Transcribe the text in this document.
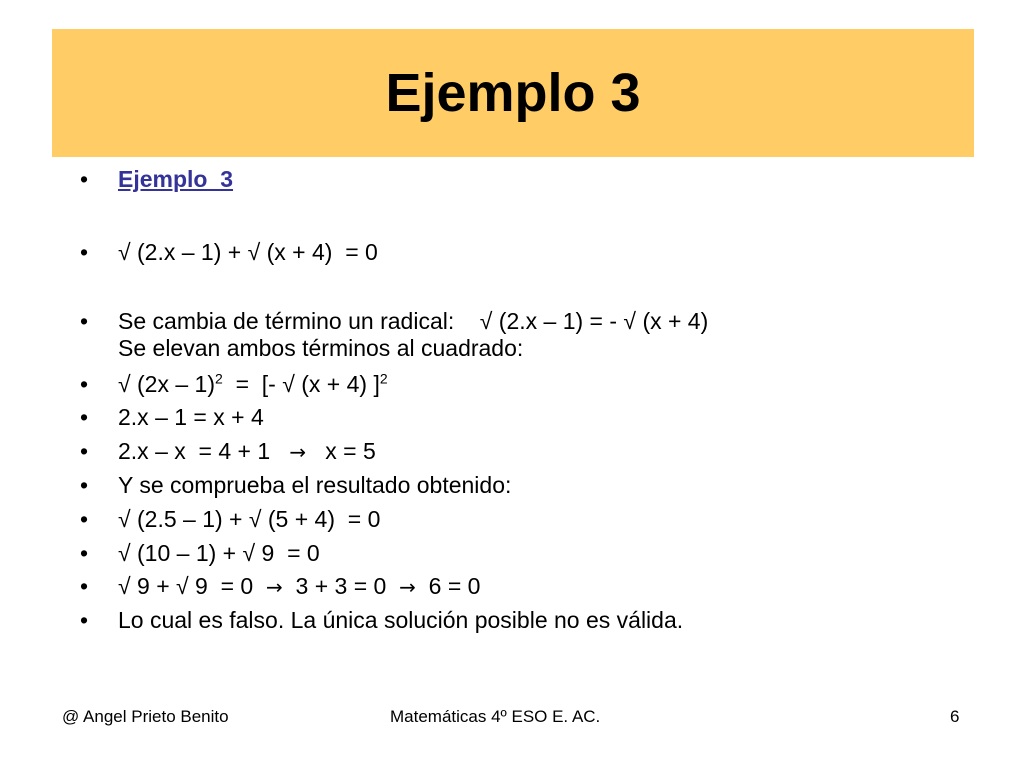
Ejemplo 3
•	Ejemplo  3
•	√ (2.x – 1) + √ (x + 4)  = 0
•	Se cambia de término un radical:    √ (2.x – 1) = - √ (x + 4)
Se elevan ambos términos al cuadrado:
•	√ (2x – 1)$^2$  =  [- √ (x + 4) ]$^2$
•	2.x – 1 = x + 4
•	2.x – x  = 4 + 1   →   x = 5
•	Y se comprueba el resultado obtenido:
•	√ (2.5 – 1) + √ (5 + 4)  = 0
•	√ (10 – 1) + √ 9  = 0
•	√ 9 + √ 9  = 0  →  3 + 3 = 0  →  6 = 0
•	Lo cual es falso. La única solución posible no es válida.
@ Angel Prieto Benito	Matemáticas 4º ESO E. AC.	6
